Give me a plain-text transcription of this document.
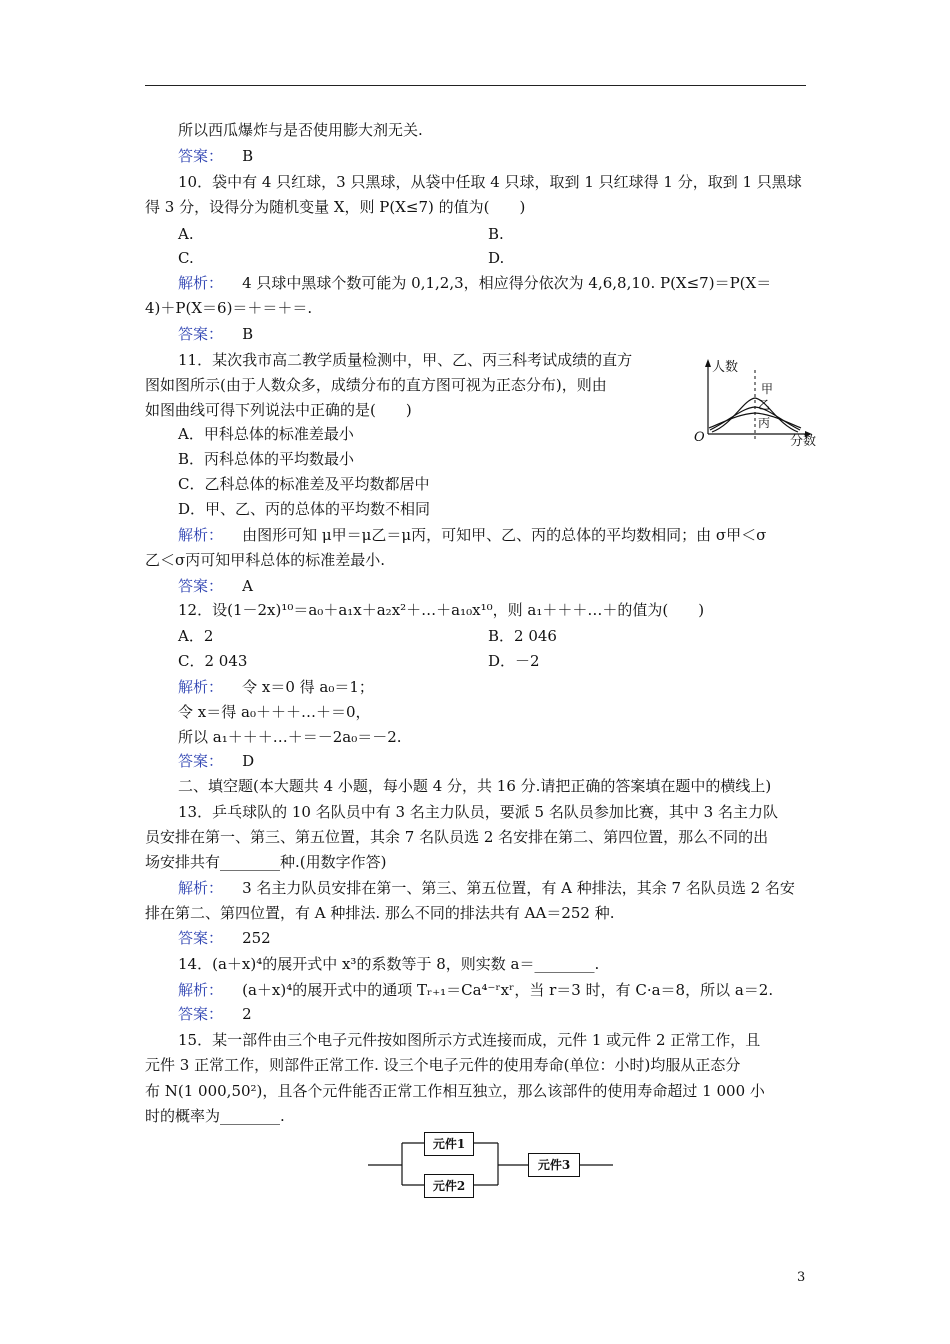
所以西瓜爆炸与是否使用膨大剂无关.
答案： B
10．袋中有 4 只红球，3 只黑球，从袋中任取 4 只球，取到 1 只红球得 1 分，取到 1 只黑球
得 3 分，设得分为随机变量 X，则 P(X≤7) 的值为(　　)
A.	B.
C.	D.
解析： 4 只球中黑球个数可能为 0,1,2,3，相应得分依次为 4,6,8,10. P(X≤7)＝P(X＝
4)＋P(X＝6)＝＋＝＋＝.
答案： B
11．某次我市高二教学质量检测中，甲、乙、丙三科考试成绩的直方
图如图所示(由于人数众多，成绩分布的直方图可视为正态分布)，则由
如图曲线可得下列说法中正确的是(　　)
A．甲科总体的标准差最小
B．丙科总体的平均数最小
C．乙科总体的标准差及平均数都居中
D．甲、乙、丙的总体的平均数不相同
解析： 由图形可知 μ甲＝μ乙＝μ丙，可知甲、乙、丙的总体的平均数相同；由 σ甲＜σ
乙＜σ丙可知甲科总体的标准差最小.
答案： A
人数
分数
O
甲
乙
丙
12．设(1－2x)¹⁰＝a₀＋a₁x＋a₂x²＋…＋a₁₀x¹⁰，则 a₁＋＋＋…＋的值为(　　)
A．2	B．2 046
C．2 043	D．－2
解析： 令 x＝0 得 a₀＝1；
令 x＝得 a₀＋＋＋…＋＝0，
所以 a₁＋＋＋…＋＝－2a₀＝－2.
答案： D
二、填空题(本大题共 4 小题，每小题 4 分，共 16 分.请把正确的答案填在题中的横线上)
13．乒乓球队的 10 名队员中有 3 名主力队员，要派 5 名队员参加比赛，其中 3 名主力队
员安排在第一、第三、第五位置，其余 7 名队员选 2 名安排在第二、第四位置，那么不同的出
场安排共有________种.(用数字作答)
解析： 3 名主力队员安排在第一、第三、第五位置，有 A 种排法，其余 7 名队员选 2 名安
排在第二、第四位置，有 A 种排法. 那么不同的排法共有 AA＝252 种.
答案： 252
14．(a＋x)⁴的展开式中 x³的系数等于 8，则实数 a＝________.
解析： (a＋x)⁴的展开式中的通项 Tᵣ₊₁＝Ca⁴⁻ʳxʳ，当 r＝3 时，有 C·a＝8，所以 a＝2.
答案： 2
15．某一部件由三个电子元件按如图所示方式连接而成，元件 1 或元件 2 正常工作，且
元件 3 正常工作，则部件正常工作. 设三个电子元件的使用寿命(单位：小时)均服从正态分
布 N(1 000,50²)，且各个元件能否正常工作相互独立，那么该部件的使用寿命超过 1 000 小
时的概率为________.
元件1
元件2
元件3
3
